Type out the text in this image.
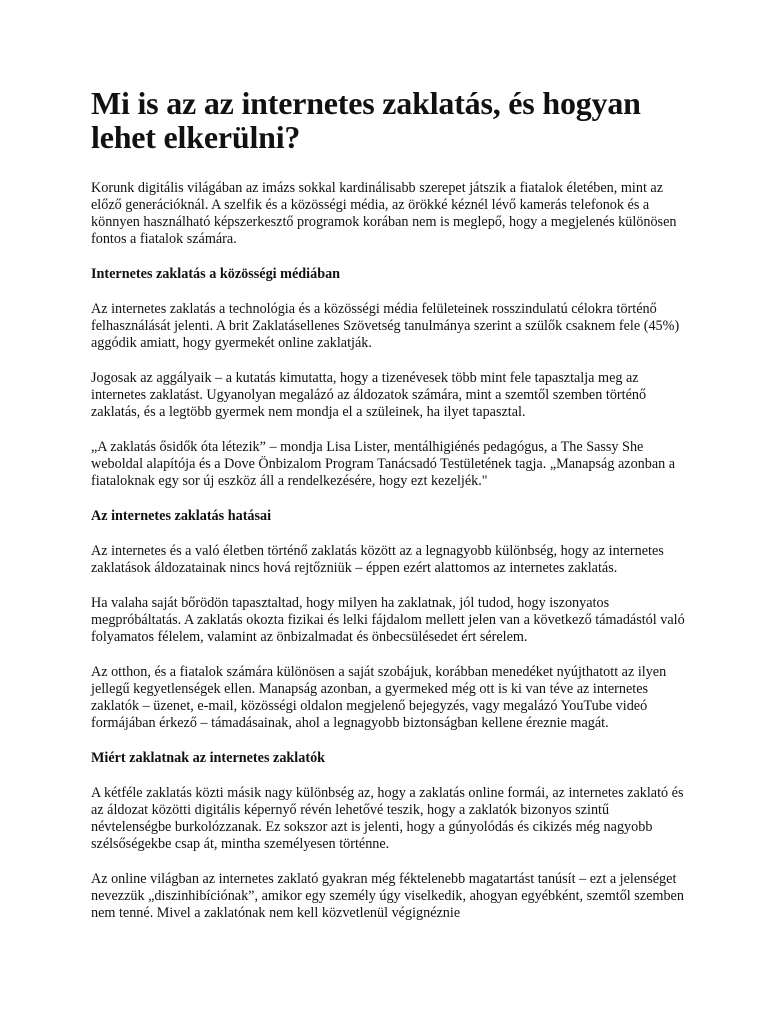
Mi is az az internetes zaklatás, és hogyan lehet elkerülni?

Korunk digitális világában az imázs sokkal kardinálisabb szerepet játszik a fiatalok életében, mint az előző generációknál. A szelfik és a közösségi média, az örökké kéznél lévő kamerás telefonok és a könnyen használható képszerkesztő programok korában nem is meglepő, hogy a megjelenés különösen fontos a fiatalok számára.

Internetes zaklatás a közösségi médiában

Az internetes zaklatás a technológia és a közösségi média felületeinek rosszindulatú célokra történő felhasználását jelenti. A brit Zaklatásellenes Szövetség tanulmánya szerint a szülők csaknem fele (45%) aggódik amiatt, hogy gyermekét online zaklatják.

Jogosak az aggályaik – a kutatás kimutatta, hogy a tizenévesek több mint fele tapasztalja meg az internetes zaklatást. Ugyanolyan megalázó az áldozatok számára, mint a szemtől szemben történő zaklatás, és a legtöbb gyermek nem mondja el a szüleinek, ha ilyet tapasztal.

„A zaklatás ősidők óta létezik” – mondja Lisa Lister, mentálhigiénés pedagógus, a The Sassy She weboldal alapítója és a Dove Önbizalom Program Tanácsadó Testületének tagja. „Manapság azonban a fiataloknak egy sor új eszköz áll a rendelkezésére, hogy ezt kezeljék."

Az internetes zaklatás hatásai

Az internetes és a való életben történő zaklatás között az a legnagyobb különbség, hogy az internetes zaklatások áldozatainak nincs hová rejtőzniük – éppen ezért alattomos az internetes zaklatás.

Ha valaha saját bőrödön tapasztaltad, hogy milyen ha zaklatnak, jól tudod, hogy iszonyatos megpróbáltatás. A zaklatás okozta fizikai és lelki fájdalom mellett jelen van a következő támadástól való folyamatos félelem, valamint az önbizalmadat és önbecsülésedet ért sérelem.

Az otthon, és a fiatalok számára különösen a saját szobájuk, korábban menedéket nyújthatott az ilyen jellegű kegyetlenségek ellen. Manapság azonban, a gyermeked még ott is ki van téve az internetes zaklatók – üzenet, e-mail, közösségi oldalon megjelenő bejegyzés, vagy megalázó YouTube videó formájában érkező – támadásainak, ahol a legnagyobb biztonságban kellene éreznie magát.

Miért zaklatnak az internetes zaklatók

A kétféle zaklatás közti másik nagy különbség az, hogy a zaklatás online formái, az internetes zaklató és az áldozat közötti digitális képernyő révén lehetővé teszik, hogy a zaklatók bizonyos szintű névtelenségbe burkolózzanak. Ez sokszor azt is jelenti, hogy a gúnyolódás és cikizés még nagyobb szélsőségekbe csap át, mintha személyesen történne.

Az online világban az internetes zaklató gyakran még féktelenebb magatartást tanúsít – ezt a jelenséget nevezzük „diszinhibíciónak”, amikor egy személy úgy viselkedik, ahogyan egyébként, szemtől szemben nem tenné. Mivel a zaklatónak nem kell közvetlenül végignéznie
